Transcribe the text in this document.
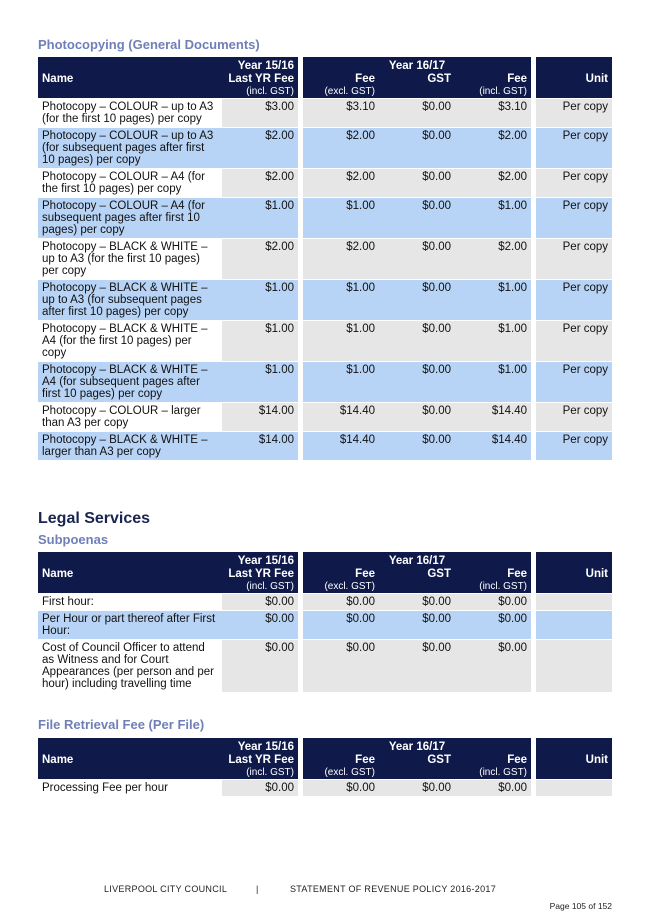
Photocopying (General Documents)
	Year 15/16		Year 16/17				
Name	Last YR Fee		Fee	GST	Fee		Unit
	(incl. GST)		(excl. GST)		(incl. GST)		
Photocopy – COLOUR – up to A3 (for the first 10 pages) per copy	$3.00		$3.10	$0.00	$3.10		Per copy
Photocopy – COLOUR – up to A3 (for subsequent pages after first 10 pages) per copy	$2.00		$2.00	$0.00	$2.00		Per copy
Photocopy – COLOUR – A4 (for the first 10 pages) per copy	$2.00		$2.00	$0.00	$2.00		Per copy
Photocopy – COLOUR – A4 (for subsequent pages after first 10 pages) per copy	$1.00		$1.00	$0.00	$1.00		Per copy
Photocopy – BLACK & WHITE – up to A3 (for the first 10 pages) per copy	$2.00		$2.00	$0.00	$2.00		Per copy
Photocopy – BLACK & WHITE – up to A3 (for subsequent pages after first 10 pages) per copy	$1.00		$1.00	$0.00	$1.00		Per copy
Photocopy – BLACK & WHITE – A4 (for the first 10 pages) per copy	$1.00		$1.00	$0.00	$1.00		Per copy
Photocopy – BLACK & WHITE – A4 (for subsequent pages after first 10 pages) per copy	$1.00		$1.00	$0.00	$1.00		Per copy
Photocopy – COLOUR – larger than A3 per copy	$14.00		$14.40	$0.00	$14.40		Per copy
Photocopy – BLACK & WHITE – larger than A3 per copy	$14.00		$14.40	$0.00	$14.40		Per copy
Legal Services
Subpoenas
	Year 15/16		Year 16/17				
Name	Last YR Fee		Fee	GST	Fee		Unit
	(incl. GST)		(excl. GST)		(incl. GST)		
First hour:	$0.00		$0.00	$0.00	$0.00		
Per Hour or part thereof after First Hour:	$0.00		$0.00	$0.00	$0.00		
Cost of Council Officer to attend as Witness and for Court Appearances (per person and per hour) including travelling time	$0.00		$0.00	$0.00	$0.00		
File Retrieval Fee (Per File)
	Year 15/16		Year 16/17				
Name	Last YR Fee		Fee	GST	Fee		Unit
	(incl. GST)		(excl. GST)		(incl. GST)		
Processing Fee per hour	$0.00		$0.00	$0.00	$0.00		
LIVERPOOL CITY COUNCIL	|	STATEMENT OF REVENUE POLICY 2016-2017
Page 105 of 152
